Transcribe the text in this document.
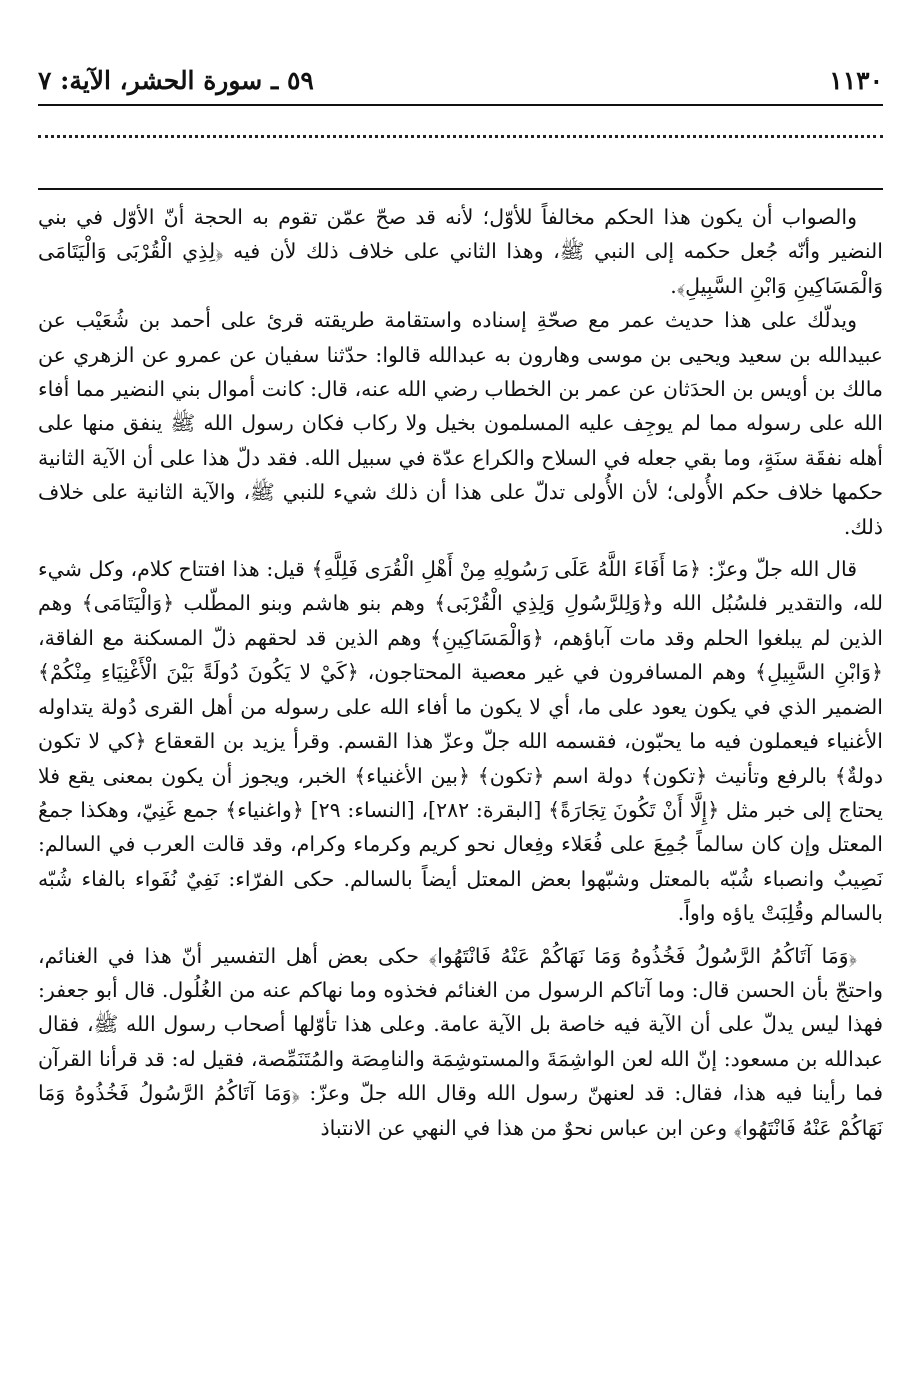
١١٣٠
٥٩ ـ سورة الحشر، الآية: ٧

والصواب أن يكون هذا الحكم مخالفاً للأوّل؛ لأنه قد صحّ عمّن تقوم به الحجة أنّ الأوّل في بني النضير وأنّه جُعل حكمه إلى النبي ﷺ، وهذا الثاني على خلاف ذلك لأن فيه ﴿لِذِي الْقُرْبَى وَالْيَتَامَى وَالْمَسَاكِينِ وَابْنِ السَّبِيلِ﴾.

ويدلّك على هذا حديث عمر مع صحّةِ إسناده واستقامة طريقته قرئ على أحمد بن شُعَيْب عن عبيدالله بن سعيد ويحيى بن موسى وهارون به عبدالله قالوا: حدّثنا سفيان عن عمرو عن الزهري عن مالك بن أويس بن الحدَثان عن عمر بن الخطاب رضي الله عنه، قال: كانت أموال بني النضير مما أفاء الله على رسوله مما لم يوجِف عليه المسلمون بخيل ولا ركاب فكان رسول الله ﷺ ينفق منها على أهله نفقَة سنَةٍ، وما بقي جعله في السلاح والكراع عدّة في سبيل الله. فقد دلّ هذا على أن الآية الثانية حكمها خلاف حكم الأُولى؛ لأن الأُولى تدلّ على هذا أن ذلك شيء للنبي ﷺ، والآية الثانية على خلاف ذلك.

قال الله جلّ وعزّ: ﴿مَا أَفَاءَ اللَّهُ عَلَى رَسُولِهِ مِنْ أَهْلِ الْقُرَى فَلِلَّهِ﴾ قيل: هذا افتتاح كلام، وكل شيء لله، والتقدير فلسُبُل الله و﴿وَلِلرَّسُولِ وَلِذِي الْقُرْبَى﴾ وهم بنو هاشم وبنو المطّلب ﴿وَالْيَتَامَى﴾ وهم الذين لم يبلغوا الحلم وقد مات آباؤهم، ﴿وَالْمَسَاكِينِ﴾ وهم الذين قد لحقهم ذلّ المسكنة مع الفاقة، ﴿وَابْنِ السَّبِيلِ﴾ وهم المسافرون في غير معصية المحتاجون، ﴿كَيْ لا يَكُونَ دُولَةً بَيْنَ الْأَغْنِيَاءِ مِنْكُمْ﴾ الضمير الذي في يكون يعود على ما، أي لا يكون ما أفاء الله على رسوله من أهل القرى دُولة يتداوله الأغنياء فيعملون فيه ما يحبّون، فقسمه الله جلّ وعزّ هذا القسم. وقرأ يزيد بن القعقاع ﴿كي لا تكون دولةٌ﴾ بالرفع وتأنيث ﴿تكون﴾ دولة اسم ﴿تكون﴾ ﴿بين الأغنياء﴾ الخبر، ويجوز أن يكون بمعنى يقع فلا يحتاج إلى خبر مثل ﴿إِلَّا أَنْ تَكُونَ تِجَارَةً﴾ [البقرة: ٢٨٢]، [النساء: ٢٩] ﴿واغنياء﴾ جمع غَنِيّ، وهكذا جمعُ المعتل وإن كان سالماً جُمِعَ على فُعَلاء وفِعال نحو كريم وكرماء وكرام، وقد قالت العرب في السالم: نَصِيبٌ وانصباء شُبّه بالمعتل وشبّهوا بعض المعتل أيضاً بالسالم. حكى الفرّاء: نَفِيٌ نُفَواء بالفاء شُبّه بالسالم وقُلِبَتْ ياؤه واواً.

﴿وَمَا آتَاكُمُ الرَّسُولُ فَخُذُوهُ وَمَا نَهَاكُمْ عَنْهُ فَانْتَهُوا﴾ حكى بعض أهل التفسير أنّ هذا في الغنائم، واحتجّ بأن الحسن قال: وما آتاكم الرسول من الغنائم فخذوه وما نهاكم عنه من الغُلُول. قال أبو جعفر: فهذا ليس يدلّ على أن الآية فيه خاصة بل الآية عامة. وعلى هذا تأوّلها أصحاب رسول الله ﷺ، فقال عبدالله بن مسعود: إنّ الله لعن الواشِمَةَ والمستوشِمَة والنامِصَة والمُتَنَمِّصة، فقيل له: قد قرأنا القرآن فما رأينا فيه هذا، فقال: قد لعنهنّ رسول الله وقال الله جلّ وعزّ: ﴿وَمَا آتَاكُمُ الرَّسُولُ فَخُذُوهُ وَمَا نَهَاكُمْ عَنْهُ فَانْتَهُوا﴾ وعن ابن عباس نحوٌ من هذا في النهي عن الانتباذ
